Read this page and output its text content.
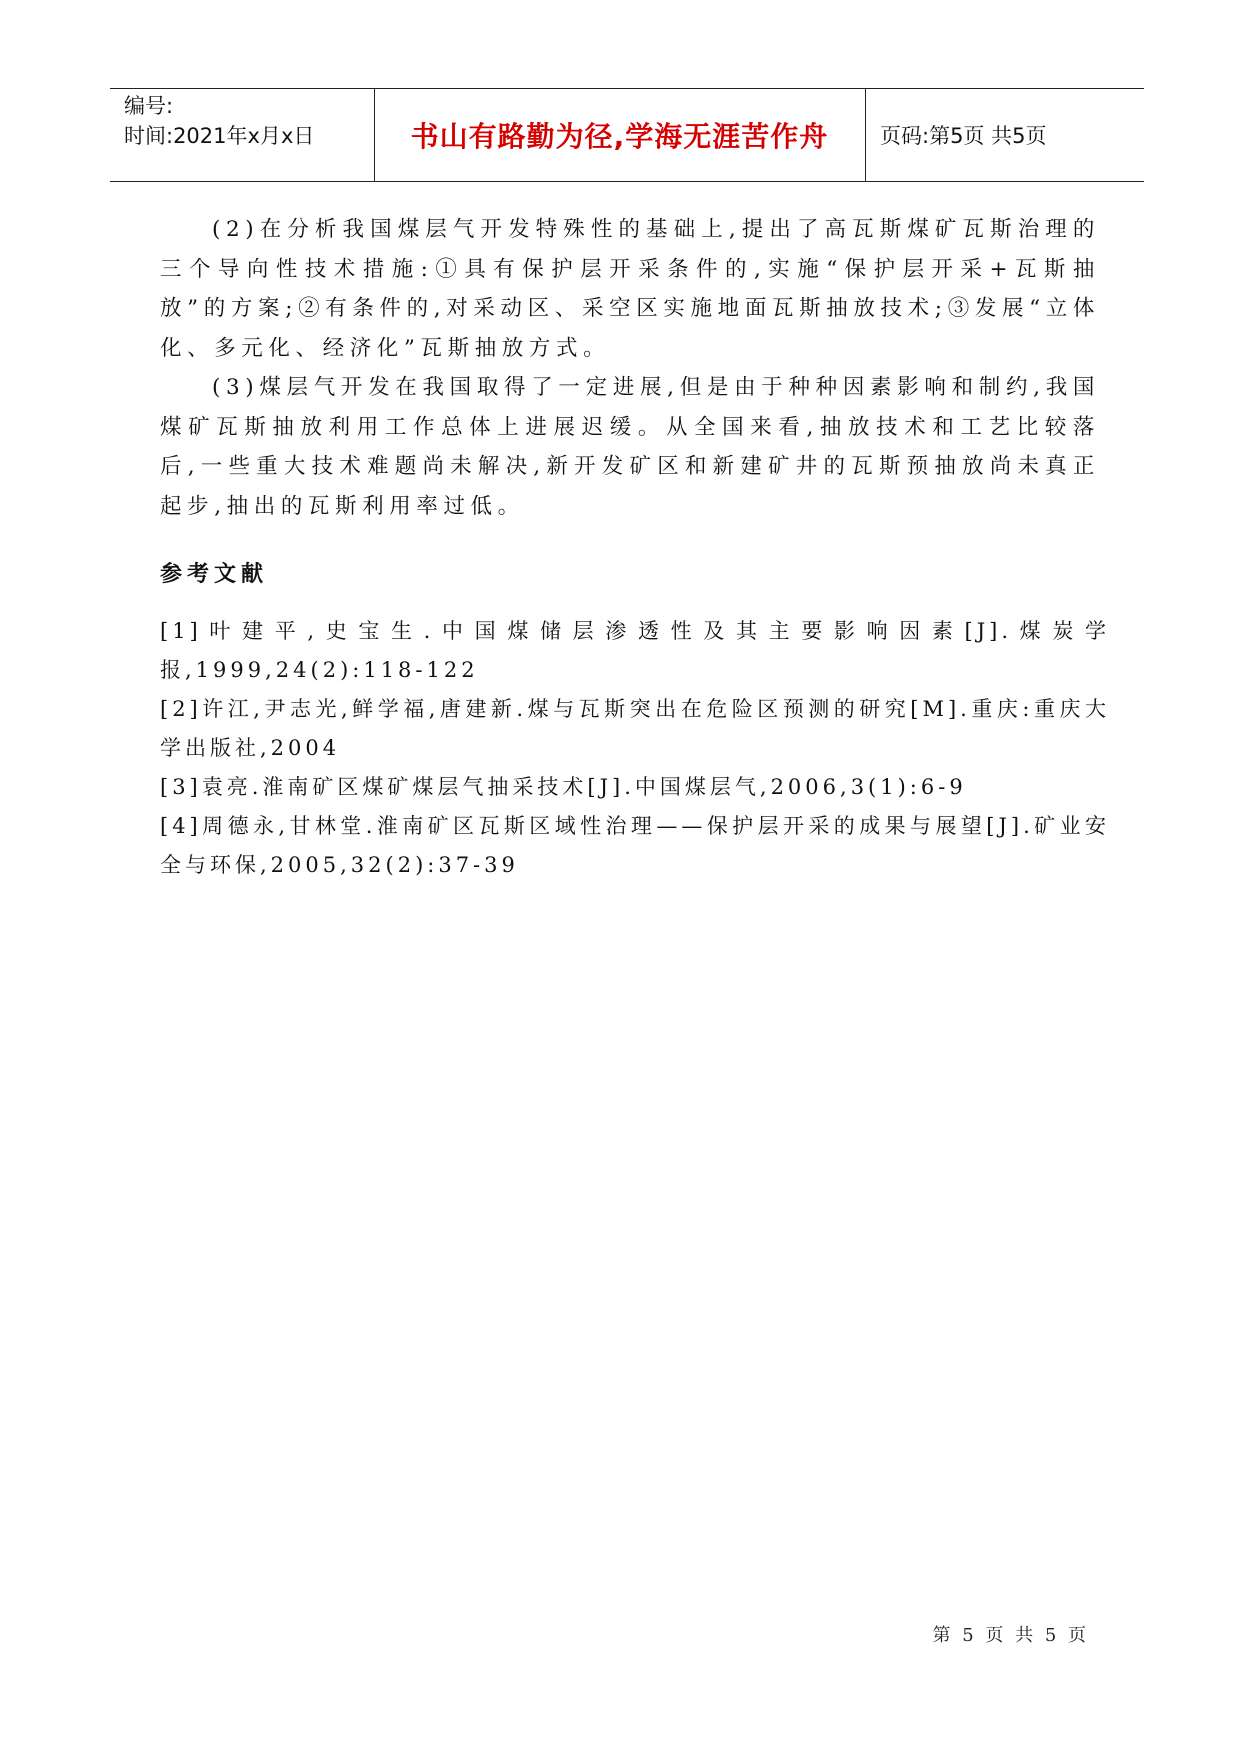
编号:
时间:2021年x月x日	书山有路勤为径,学海无涯苦作舟	页码:第5页 共5页

(2)在分析我国煤层气开发特殊性的基础上,提出了高瓦斯煤矿瓦斯治理的三个导向性技术措施:①具有保护层开采条件的,实施“保护层开采+瓦斯抽放”的方案;②有条件的,对采动区、采空区实施地面瓦斯抽放技术;③发展“立体化、多元化、经济化”瓦斯抽放方式。

(3)煤层气开发在我国取得了一定进展,但是由于种种因素影响和制约,我国煤矿瓦斯抽放利用工作总体上进展迟缓。从全国来看,抽放技术和工艺比较落后,一些重大技术难题尚未解决,新开发矿区和新建矿井的瓦斯预抽放尚未真正起步,抽出的瓦斯利用率过低。

参考文献

[1]叶建平,史宝生.中国煤储层渗透性及其主要影响因素[J].煤炭学报,1999,24(2):118-122

[2]许江,尹志光,鲜学福,唐建新.煤与瓦斯突出在危险区预测的研究[M].重庆:重庆大学出版社,2004

[3]袁亮.淮南矿区煤矿煤层气抽采技术[J].中国煤层气,2006,3(1):6-9

[4]周德永,甘林堂.淮南矿区瓦斯区域性治理——保护层开采的成果与展望[J].矿业安全与环保,2005,32(2):37-39

第 5 页 共 5 页
